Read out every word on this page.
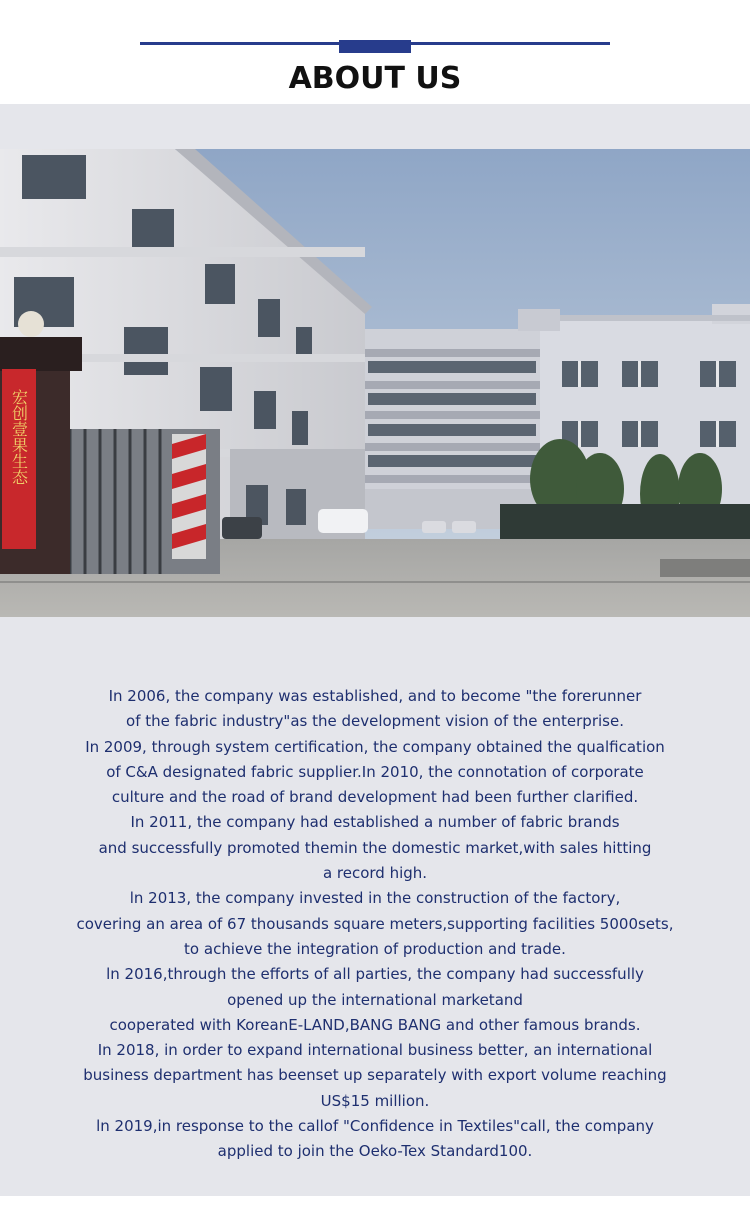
ABOUT US
宏创壹果生态

In 2006, the company was established, and to become "the forerunner

of the fabric industry"as the development vision of the enterprise.

In 2009, through system certification, the company obtained the qualfication

of C&A designated fabric supplier.In 2010, the connotation of corporate

culture and the road of brand development had been further clarified.

In 2011, the company had established a number of fabric brands

and successfully promoted themin the domestic market,with sales hitting

a record high.

ln 2013, the company invested in the construction of the factory,

covering an area of 67 thousands square meters,supporting facilities 5000sets,

to achieve the integration of production and trade.

ln 2016,through the efforts of all parties, the company had successfully

opened up the international marketand

cooperated with KoreanE-LAND,BANG BANG and other famous brands.

In 2018, in order to expand international business better, an international

business department has beenset up separately with export volume reaching

US$15 million.

ln 2019,in response to the callof "Confidence in Textiles"call, the company

applied to join the Oeko-Tex Standard100.
